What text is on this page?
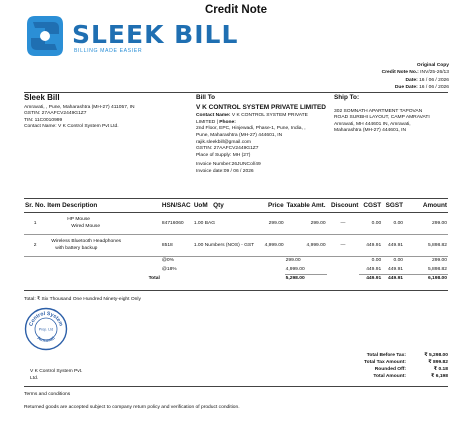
Credit Note
SLEEK BILL
BILLING MADE EASIER
Original Copy
Credit Note No.: INV/25-26/13
Date: 16 / 06 / 2026
Due Date: 16 / 06 / 2026
Sleek Bill
Amravati, , Pune, Maharashtra (MH-27) 411057, IN
GSTIN: 27AAFCV2449G1Z7
TIN: 11C0010999
Contact Name: V K Control System Pvt Ltd.
Bill To
V K CONTROL SYSTEM PRIVATE LIMITED
Contact Name: V K CONTROL SYSTEM PRIVATE
LIMITED | Phone:
2nd Floor, EPC, Hinjewadi, Phase-1, Pune, India, ,
Pune, Maharashtra (MH-27) 444601, IN
rajik.sleekbill@gmail.com
GSTIN: 27AAFCV2449G1Z7
Place of Supply: MH (27)
Invoice Number:26JUNCol/49
Invoice date:09 / 06 / 2026
Ship To:
302 SOMNATH APARTMENT TAPOVAN
ROAD SURBHI LAYOUT, CAMP AMRAVATI
Amravati, MH 444601 IN, Amravati,
Maharashtra (MH-27) 444601, IN
Sr. No.	Item Description	HSN/SAC	UoM	Qty	Price	Taxable Amt.	Discount	CGST	SGST	Amount
1	HP Mouse
Wired Mouse	84716060	1.00 BAG		299.00	299.00	—	0.00	0.00	299.00
2	Wireless Bluetooth Headphones
with battery backup	8518	1.00 Numbers (NOS) - GST		4,999.00	4,999.00	—	449.91	449.91	5,898.82
		@0%				299.00		0.00	0.00	299.00
		@18%				4,999.00		449.91	449.91	5,898.82
	Total					5,298.00		449.91	449.91	6,198.00
Total: ₹ Six Thousand One Hundred Ninety-eight Only
Control System
Amravati
Prop. Ltd
Total Before Tax:	₹ 5,298.00
Total Tax Amount:	₹ 899.82
Rounded Off:	₹ 0.18
Total Amount:	₹ 6,198
V K Control System Pvt. Ltd.
Terms and conditions
Returned goods are accepted subject to company return policy and verification of product condition.
